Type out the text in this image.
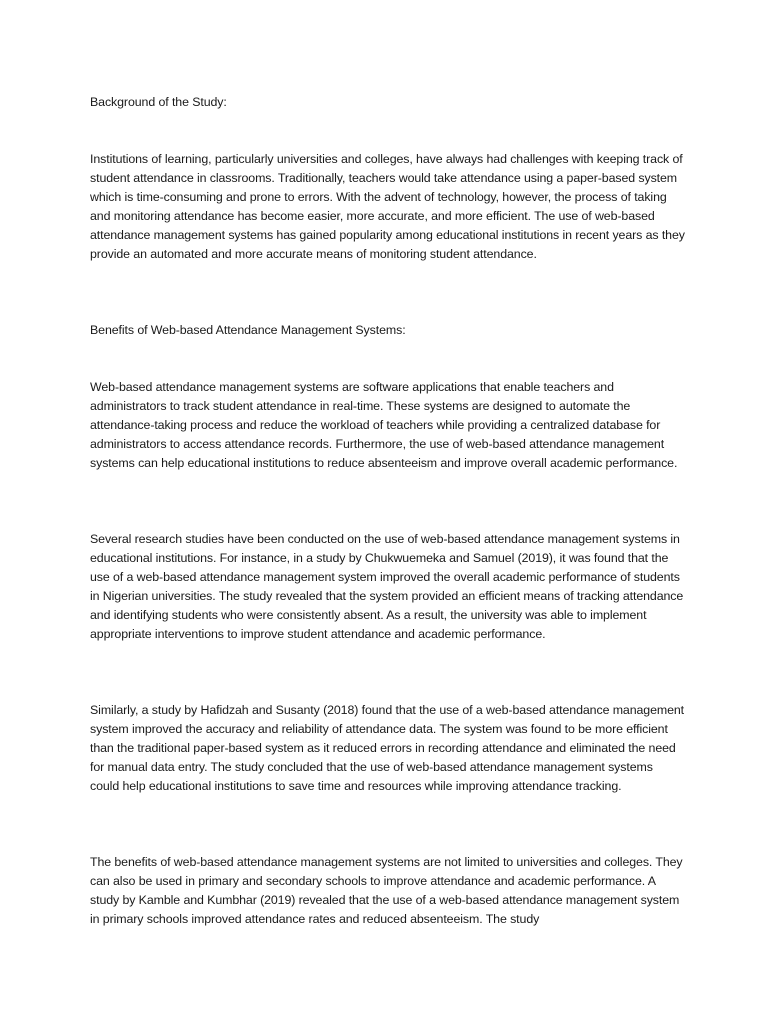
Background of the Study:

Institutions of learning, particularly universities and colleges, have always had challenges with keeping track of student attendance in classrooms. Traditionally, teachers would take attendance using a paper-based system which is time-consuming and prone to errors. With the advent of technology, however, the process of taking and monitoring attendance has become easier, more accurate, and more efficient. The use of web-based attendance management systems has gained popularity among educational institutions in recent years as they provide an automated and more accurate means of monitoring student attendance.

Benefits of Web-based Attendance Management Systems:

Web-based attendance management systems are software applications that enable teachers and administrators to track student attendance in real-time. These systems are designed to automate the attendance-taking process and reduce the workload of teachers while providing a centralized database for administrators to access attendance records. Furthermore, the use of web-based attendance management systems can help educational institutions to reduce absenteeism and improve overall academic performance.

Several research studies have been conducted on the use of web-based attendance management systems in educational institutions. For instance, in a study by Chukwuemeka and Samuel (2019), it was found that the use of a web-based attendance management system improved the overall academic performance of students in Nigerian universities. The study revealed that the system provided an efficient means of tracking attendance and identifying students who were consistently absent. As a result, the university was able to implement appropriate interventions to improve student attendance and academic performance.

Similarly, a study by Hafidzah and Susanty (2018) found that the use of a web-based attendance management system improved the accuracy and reliability of attendance data. The system was found to be more efficient than the traditional paper-based system as it reduced errors in recording attendance and eliminated the need for manual data entry. The study concluded that the use of web-based attendance management systems could help educational institutions to save time and resources while improving attendance tracking.

The benefits of web-based attendance management systems are not limited to universities and colleges. They can also be used in primary and secondary schools to improve attendance and academic performance. A study by Kamble and Kumbhar (2019) revealed that the use of a web-based attendance management system in primary schools improved attendance rates and reduced absenteeism. The study
